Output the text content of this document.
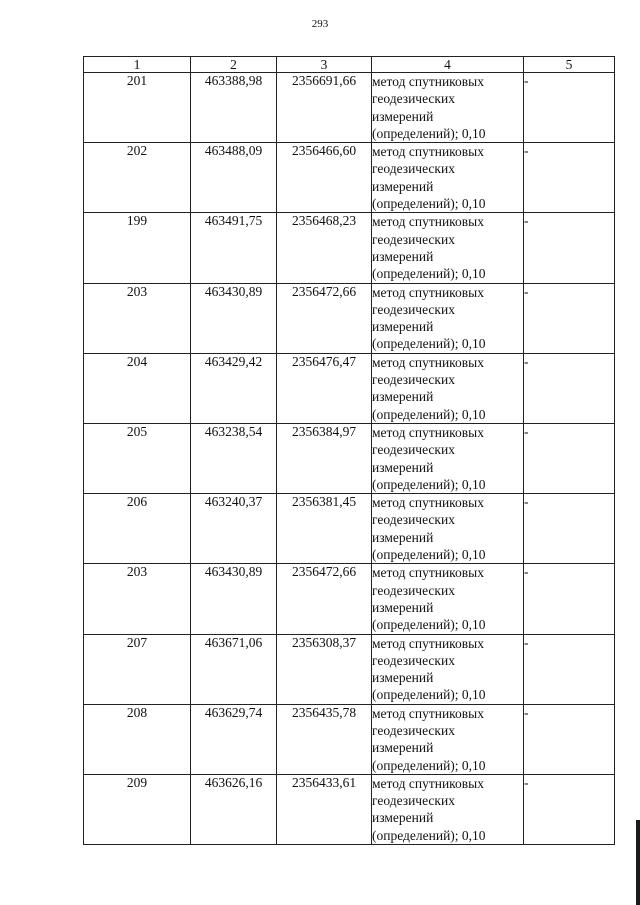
293
1	2	3	4	5
201	463388,98	2356691,66	метод спутниковых
геодезических
измерений
(определений); 0,10	-
202	463488,09	2356466,60	метод спутниковых
геодезических
измерений
(определений); 0,10	-
199	463491,75	2356468,23	метод спутниковых
геодезических
измерений
(определений); 0,10	-
203	463430,89	2356472,66	метод спутниковых
геодезических
измерений
(определений); 0,10	-
204	463429,42	2356476,47	метод спутниковых
геодезических
измерений
(определений); 0,10	-
205	463238,54	2356384,97	метод спутниковых
геодезических
измерений
(определений); 0,10	-
206	463240,37	2356381,45	метод спутниковых
геодезических
измерений
(определений); 0,10	-
203	463430,89	2356472,66	метод спутниковых
геодезических
измерений
(определений); 0,10	-
207	463671,06	2356308,37	метод спутниковых
геодезических
измерений
(определений); 0,10	-
208	463629,74	2356435,78	метод спутниковых
геодезических
измерений
(определений); 0,10	-
209	463626,16	2356433,61	метод спутниковых
геодезических
измерений
(определений); 0,10	-
